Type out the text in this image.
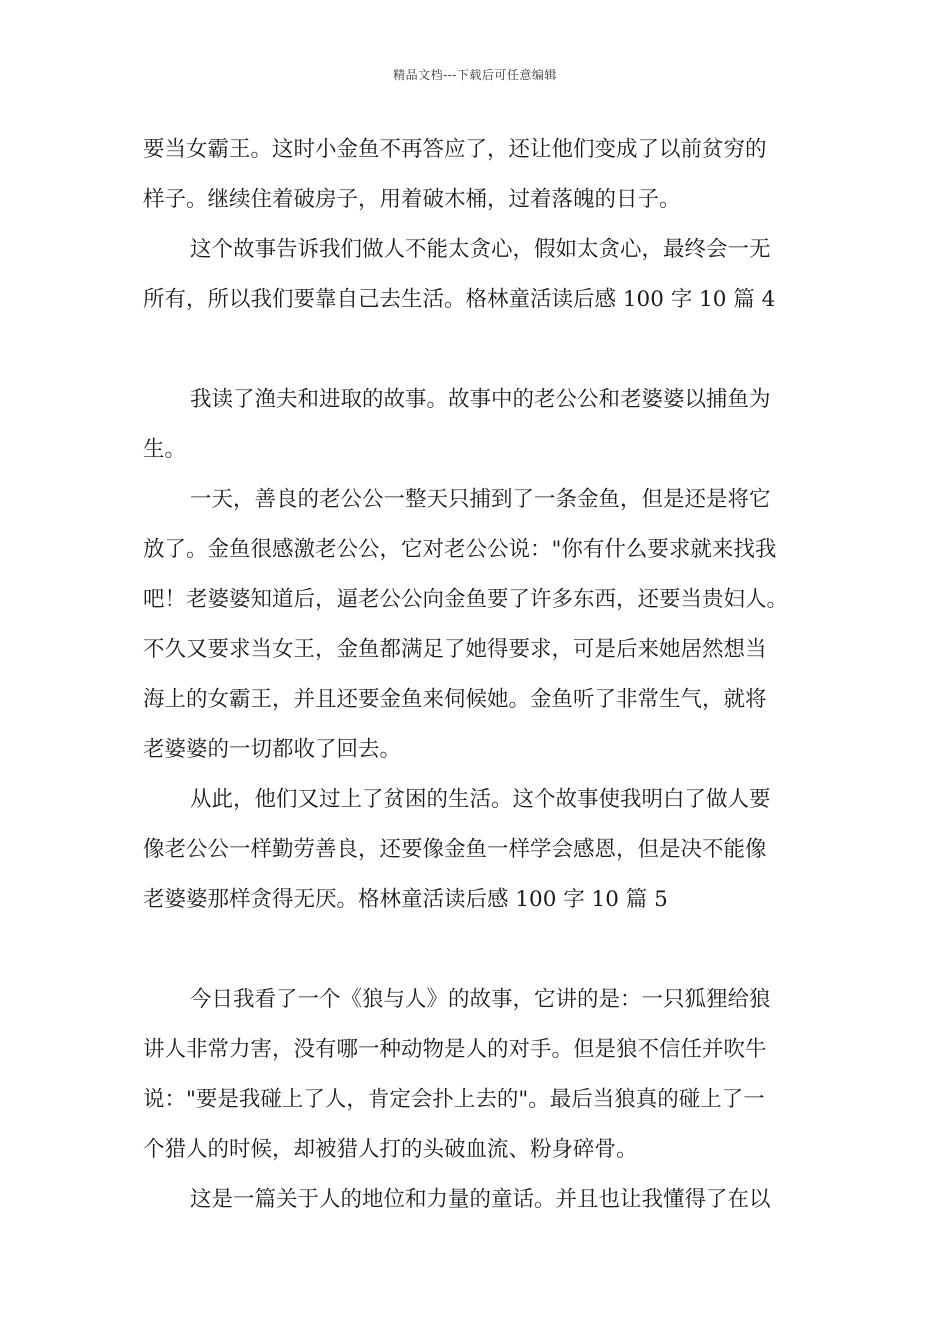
精品文档---下载后可任意编辑
要当女霸王。这时小金鱼不再答应了，还让他们变成了以前贫穷的
样子。继续住着破房子，用着破木桶，过着落魄的日子。
这个故事告诉我们做人不能太贪心，假如太贪心，最终会一无
所有，所以我们要靠自己去生活。格林童活读后感 100 字 10 篇 4
我读了渔夫和进取的故事。故事中的老公公和老婆婆以捕鱼为
生。
一天，善良的老公公一整天只捕到了一条金鱼，但是还是将它
放了。金鱼很感激老公公，它对老公公说："你有什么要求就来找我
吧！老婆婆知道后，逼老公公向金鱼要了许多东西，还要当贵妇人。
不久又要求当女王，金鱼都满足了她得要求，可是后来她居然想当
海上的女霸王，并且还要金鱼来伺候她。金鱼听了非常生气，就将
老婆婆的一切都收了回去。
从此，他们又过上了贫困的生活。这个故事使我明白了做人要
像老公公一样勤劳善良，还要像金鱼一样学会感恩，但是决不能像
老婆婆那样贪得无厌。格林童活读后感 100 字 10 篇 5
今日我看了一个《狼与人》的故事，它讲的是：一只狐狸给狼
讲人非常力害，没有哪一种动物是人的对手。但是狼不信任并吹牛
说："要是我碰上了人，肯定会扑上去的"。最后当狼真的碰上了一
个猎人的时候，却被猎人打的头破血流、粉身碎骨。
这是一篇关于人的地位和力量的童话。并且也让我懂得了在以
